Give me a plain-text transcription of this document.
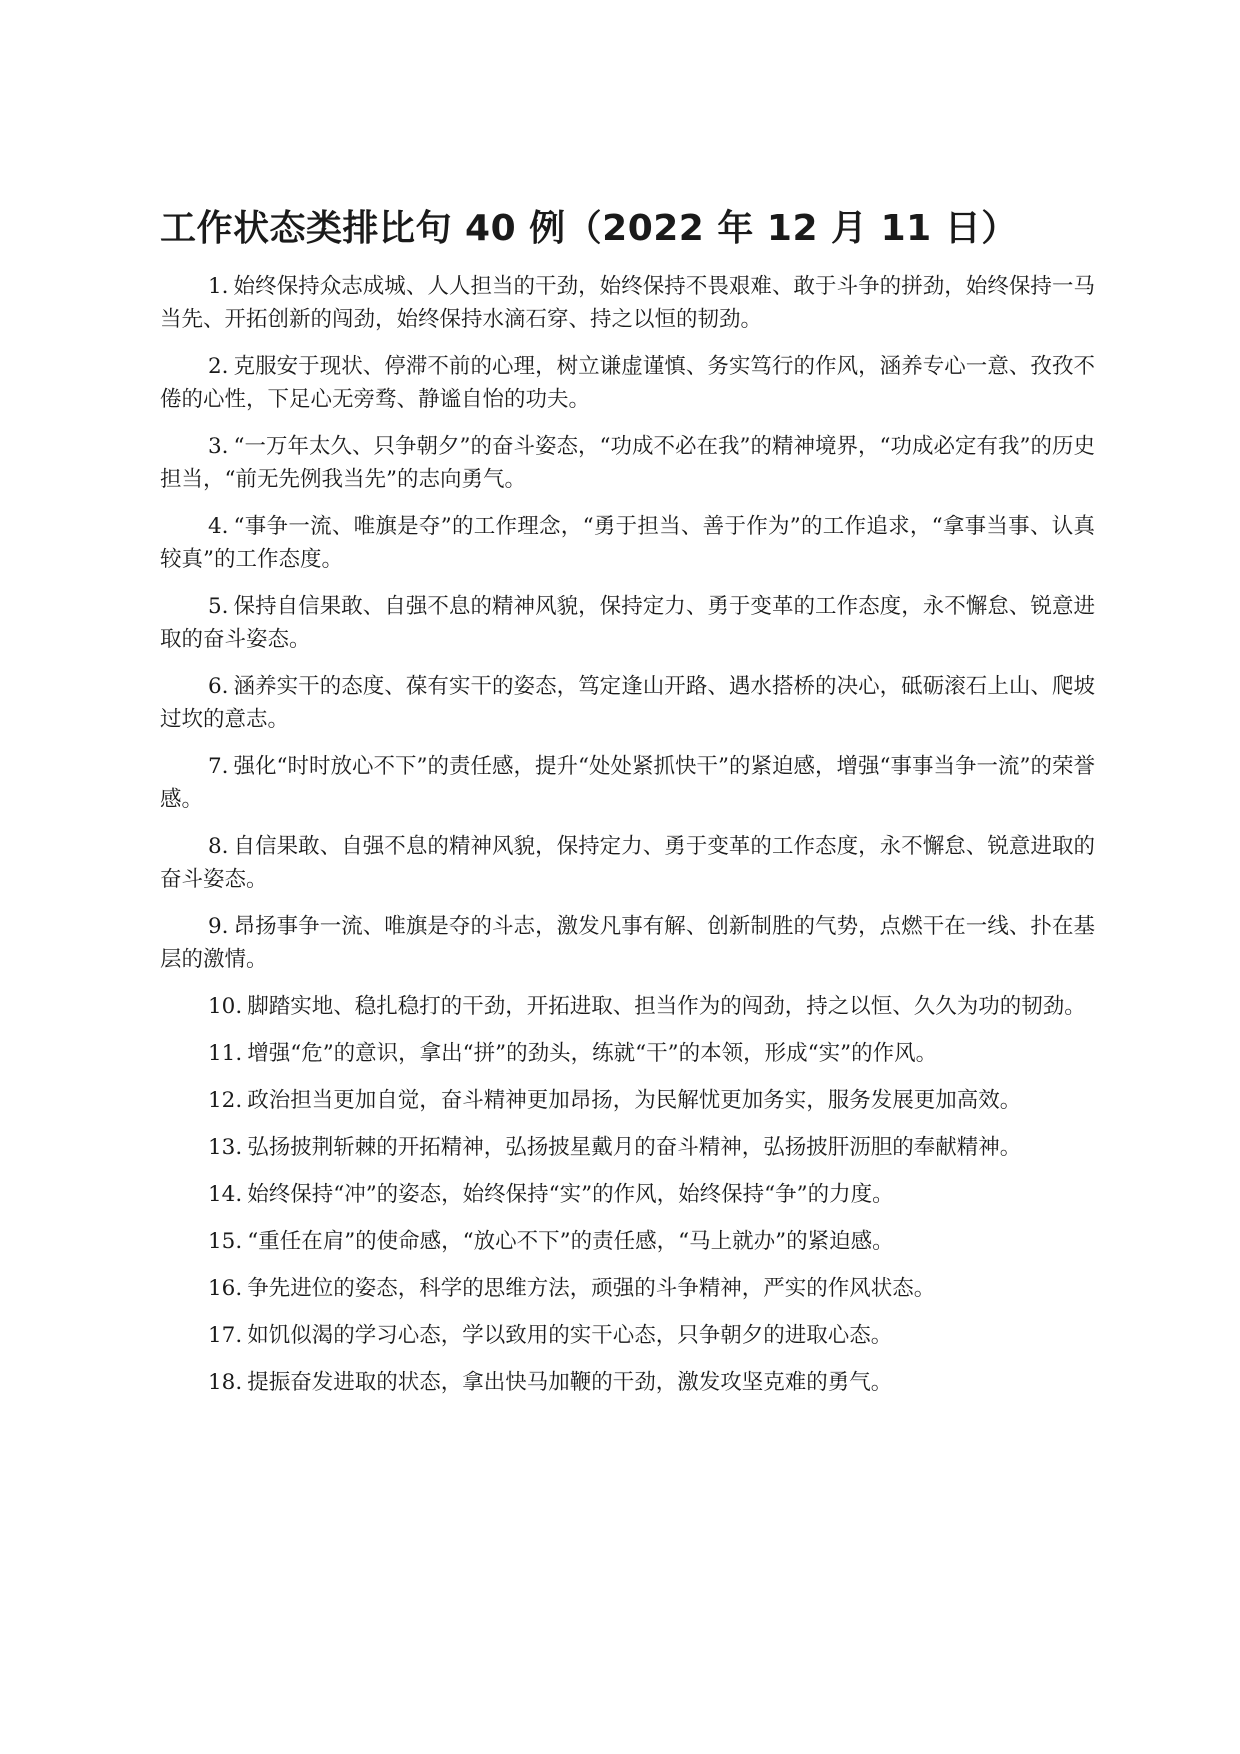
工作状态类排比句 40 例（2022 年 12 月 11 日）
1. 始终保持众志成城、人人担当的干劲，始终保持不畏艰难、敢于斗争的拼劲，始终保持一马当先、开拓创新的闯劲，始终保持水滴石穿、持之以恒的韧劲。
2. 克服安于现状、停滞不前的心理，树立谦虚谨慎、务实笃行的作风，涵养专心一意、孜孜不倦的心性，下足心无旁骛、静谧自怡的功夫。
3. “一万年太久、只争朝夕”的奋斗姿态，“功成不必在我”的精神境界，“功成必定有我”的历史担当，“前无先例我当先”的志向勇气。
4. “事争一流、唯旗是夺”的工作理念，“勇于担当、善于作为”的工作追求，“拿事当事、认真较真”的工作态度。
5. 保持自信果敢、自强不息的精神风貌，保持定力、勇于变革的工作态度，永不懈怠、锐意进取的奋斗姿态。
6. 涵养实干的态度、葆有实干的姿态，笃定逢山开路、遇水搭桥的决心，砥砺滚石上山、爬坡过坎的意志。
7. 强化“时时放心不下”的责任感，提升“处处紧抓快干”的紧迫感，增强“事事当争一流”的荣誉感。
8. 自信果敢、自强不息的精神风貌，保持定力、勇于变革的工作态度，永不懈怠、锐意进取的奋斗姿态。
9. 昂扬事争一流、唯旗是夺的斗志，激发凡事有解、创新制胜的气势，点燃干在一线、扑在基层的激情。
10. 脚踏实地、稳扎稳打的干劲，开拓进取、担当作为的闯劲，持之以恒、久久为功的韧劲。
11. 增强“危”的意识，拿出“拼”的劲头，练就“干”的本领，形成“实”的作风。
12. 政治担当更加自觉，奋斗精神更加昂扬，为民解忧更加务实，服务发展更加高效。
13. 弘扬披荆斩棘的开拓精神，弘扬披星戴月的奋斗精神，弘扬披肝沥胆的奉献精神。
14. 始终保持“冲”的姿态，始终保持“实”的作风，始终保持“争”的力度。
15. “重任在肩”的使命感，“放心不下”的责任感，“马上就办”的紧迫感。
16. 争先进位的姿态，科学的思维方法，顽强的斗争精神，严实的作风状态。
17. 如饥似渴的学习心态，学以致用的实干心态，只争朝夕的进取心态。
18. 提振奋发进取的状态，拿出快马加鞭的干劲，激发攻坚克难的勇气。
